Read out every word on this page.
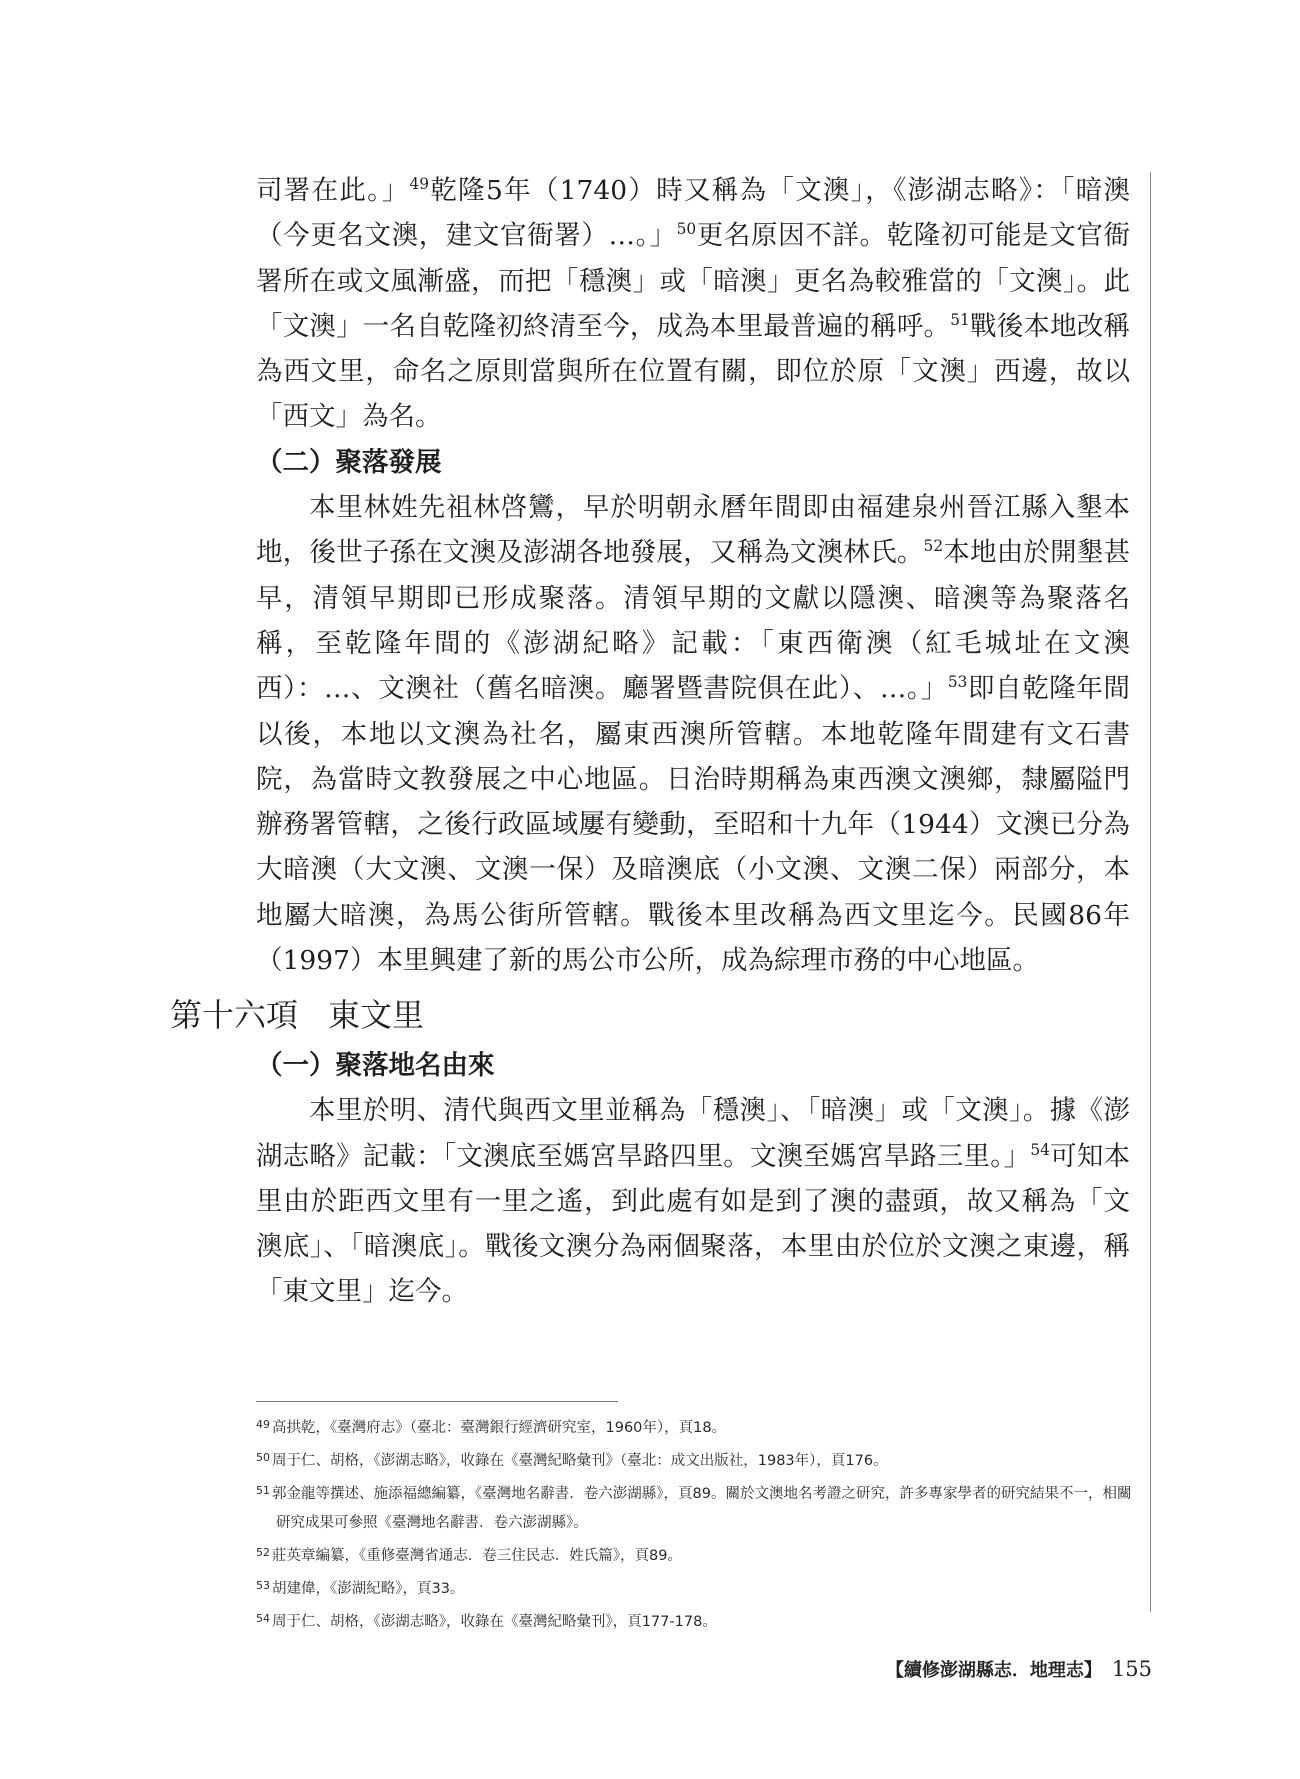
司署在此。」$^{49}$乾隆5年（1740）時又稱為「文澳」，《澎湖志略》：「暗澳（今更名文澳，建文官衙署）…。」$^{50}$更名原因不詳。乾隆初可能是文官衙署所在或文風漸盛，而把「穩澳」或「暗澳」更名為較雅當的「文澳」。此「文澳」一名自乾隆初終清至今，成為本里最普遍的稱呼。$^{51}$戰後本地改稱為西文里，命名之原則當與所在位置有關，即位於原「文澳」西邊，故以「西文」為名。

（二）聚落發展

本里林姓先祖林啓鸞，早於明朝永曆年間即由福建泉州晉江縣入墾本地，後世子孫在文澳及澎湖各地發展，又稱為文澳林氏。$^{52}$本地由於開墾甚早，清領早期即已形成聚落。清領早期的文獻以隱澳、暗澳等為聚落名稱，至乾隆年間的《澎湖紀略》記載：「東西衛澳（紅毛城址在文澳西）：…、文澳社（舊名暗澳。廳署暨書院俱在此）、…。」$^{53}$即自乾隆年間以後，本地以文澳為社名，屬東西澳所管轄。本地乾隆年間建有文石書院，為當時文教發展之中心地區。日治時期稱為東西澳文澳鄉，隸屬隘門辦務署管轄，之後行政區域屢有變動，至昭和十九年（1944）文澳已分為大暗澳（大文澳、文澳一保）及暗澳底（小文澳、文澳二保）兩部分，本地屬大暗澳，為馬公街所管轄。戰後本里改稱為西文里迄今。民國86年（1997）本里興建了新的馬公市公所，成為綜理市務的中心地區。

第十六項 東文里

（一）聚落地名由來

本里於明、清代與西文里並稱為「穩澳」、「暗澳」或「文澳」。據《澎湖志略》記載：「文澳底至媽宮旱路四里。文澳至媽宮旱路三里。」$^{54}$可知本里由於距西文里有一里之遙，到此處有如是到了澳的盡頭，故又稱為「文澳底」、「暗澳底」。戰後文澳分為兩個聚落，本里由於位於文澳之東邊，稱「東文里」迄今。

$^{49}$ 高拱乾，《臺灣府志》（臺北：臺灣銀行經濟研究室，1960年），頁18。

$^{50}$ 周于仁、胡格，《澎湖志略》，收錄在《臺灣紀略彙刊》（臺北：成文出版社，1983年），頁176。

$^{51}$ 郭金龍等撰述、施添福總編纂，《臺灣地名辭書．卷六澎湖縣》，頁89。關於文澳地名考證之研究，許多專家學者的研究結果不一，相關研究成果可參照《臺灣地名辭書．卷六澎湖縣》。

$^{52}$ 莊英章編纂，《重修臺灣省通志．卷三住民志．姓氏篇》，頁89。

$^{53}$ 胡建偉，《澎湖紀略》，頁33。

$^{54}$ 周于仁、胡格，《澎湖志略》，收錄在《臺灣紀略彙刊》，頁177-178。

【續修澎湖縣志．地理志】 155
